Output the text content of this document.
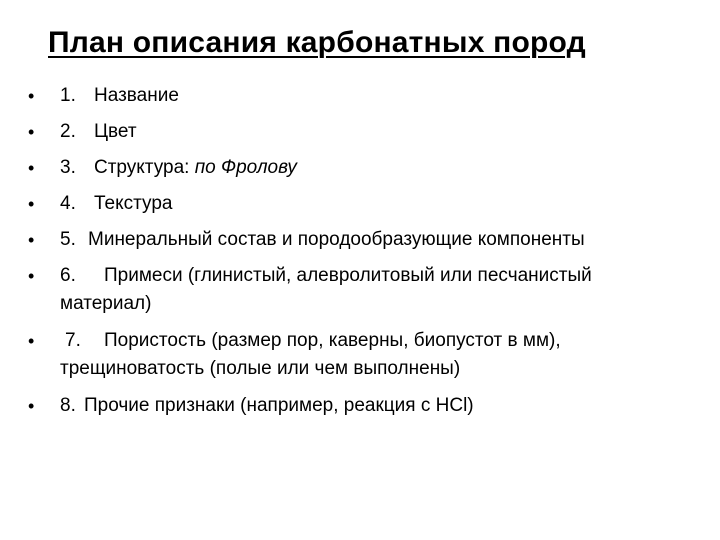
План описания карбонатных пород
•	1. Название
•	2. Цвет
•	3. Структура: по Фролову
•	4. Текстура
•	5. Минеральный состав и породообразующие компоненты
•	6. Примеси (глинистый, алевролитовый или песчанистый
материал)
•	7. Пористость (размер пор, каверны, биопустот в мм),
трещиноватость (полые или чем выполнены)
•	8. Прочие признаки (например, реакция с HCl)
